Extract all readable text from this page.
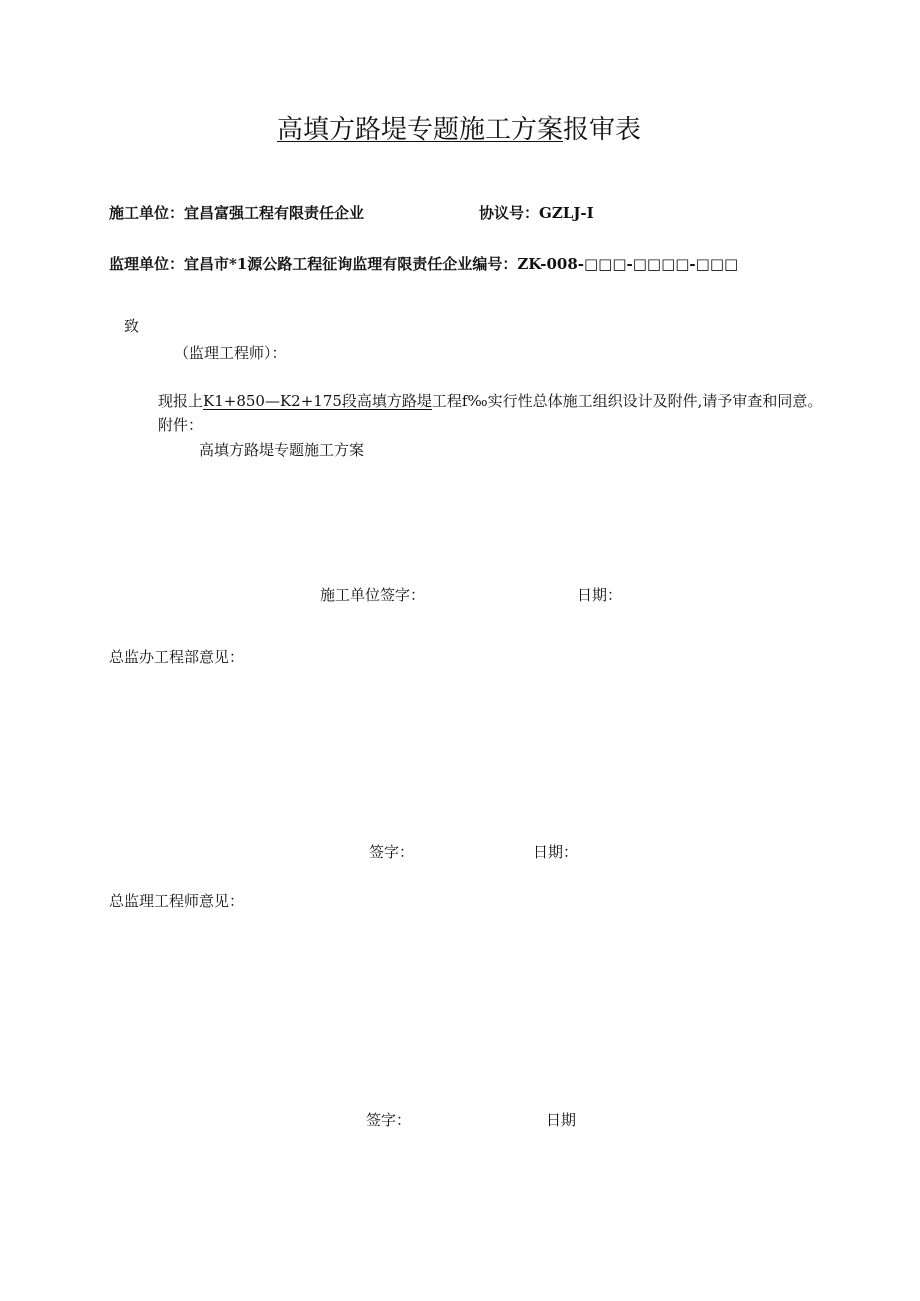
高填方路堤专题施工方案报审表
施工单位：宜昌富强工程有限责任企业	协议号：GZLJ-I
监理单位：宜昌市*1源公路工程征询监理有限责任企业编号：ZK-008-□□□-□□□□-□□□
致
（监理工程师）：
现报上K1+850—K2+175段高填方路堤工程f‰实行性总体施工组织设计及附件,请予审查和同意。
附件：
高填方路堤专题施工方案
施工单位签字：	日期：
总监办工程部意见：
签字：	日期：
总监理工程师意见：
签字：	日期
